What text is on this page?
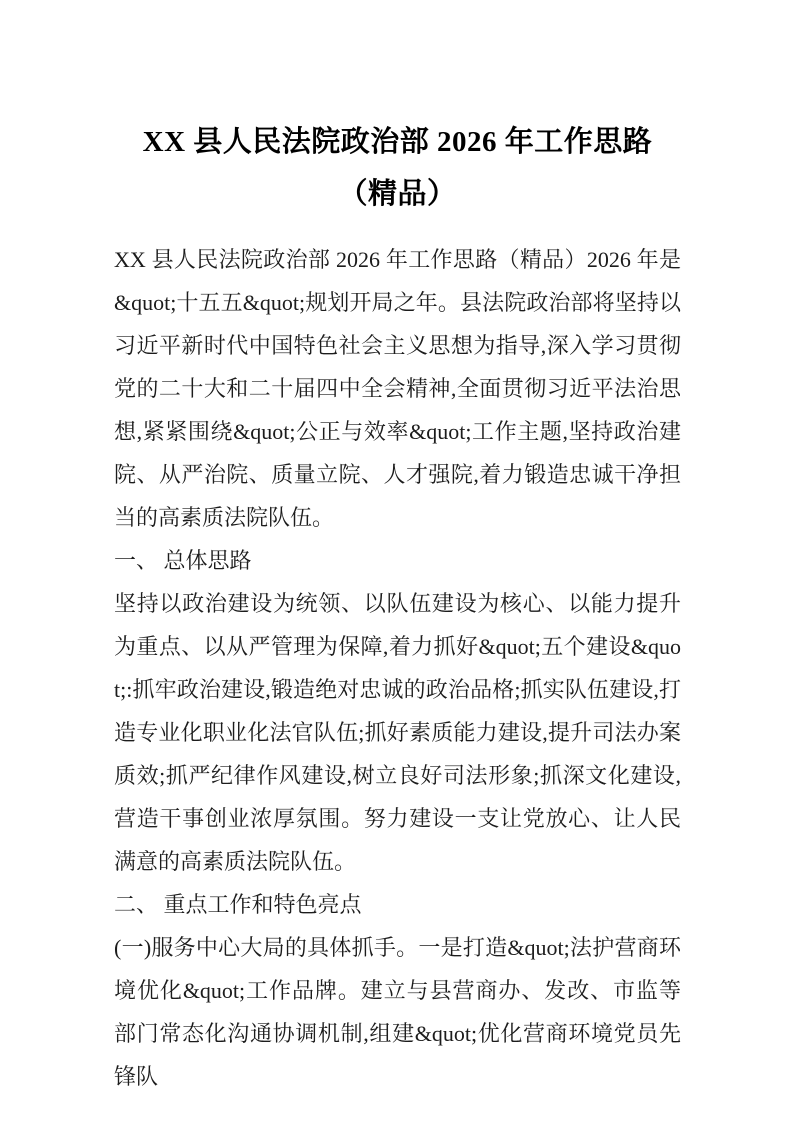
XX 县人民法院政治部 2026 年工作思路（精品）

XX 县人民法院政治部 2026 年工作思路（精品）2026 年是&quot;十五五&quot;规划开局之年。县法院政治部将坚持以习近平新时代中国特色社会主义思想为指导,深入学习贯彻党的二十大和二十届四中全会精神,全面贯彻习近平法治思想,紧紧围绕&quot;公正与效率&quot;工作主题,坚持政治建院、从严治院、质量立院、人才强院,着力锻造忠诚干净担当的高素质法院队伍。

一、 总体思路

坚持以政治建设为统领、以队伍建设为核心、以能力提升为重点、以从严管理为保障,着力抓好&quot;五个建设&quot;:抓牢政治建设,锻造绝对忠诚的政治品格;抓实队伍建设,打造专业化职业化法官队伍;抓好素质能力建设,提升司法办案质效;抓严纪律作风建设,树立良好司法形象;抓深文化建设,营造干事创业浓厚氛围。努力建设一支让党放心、让人民满意的高素质法院队伍。

二、 重点工作和特色亮点

(一)服务中心大局的具体抓手。一是打造&quot;法护营商环境优化&quot;工作品牌。建立与县营商办、发改、市监等部门常态化沟通协调机制,组建&quot;优化营商环境党员先锋队
